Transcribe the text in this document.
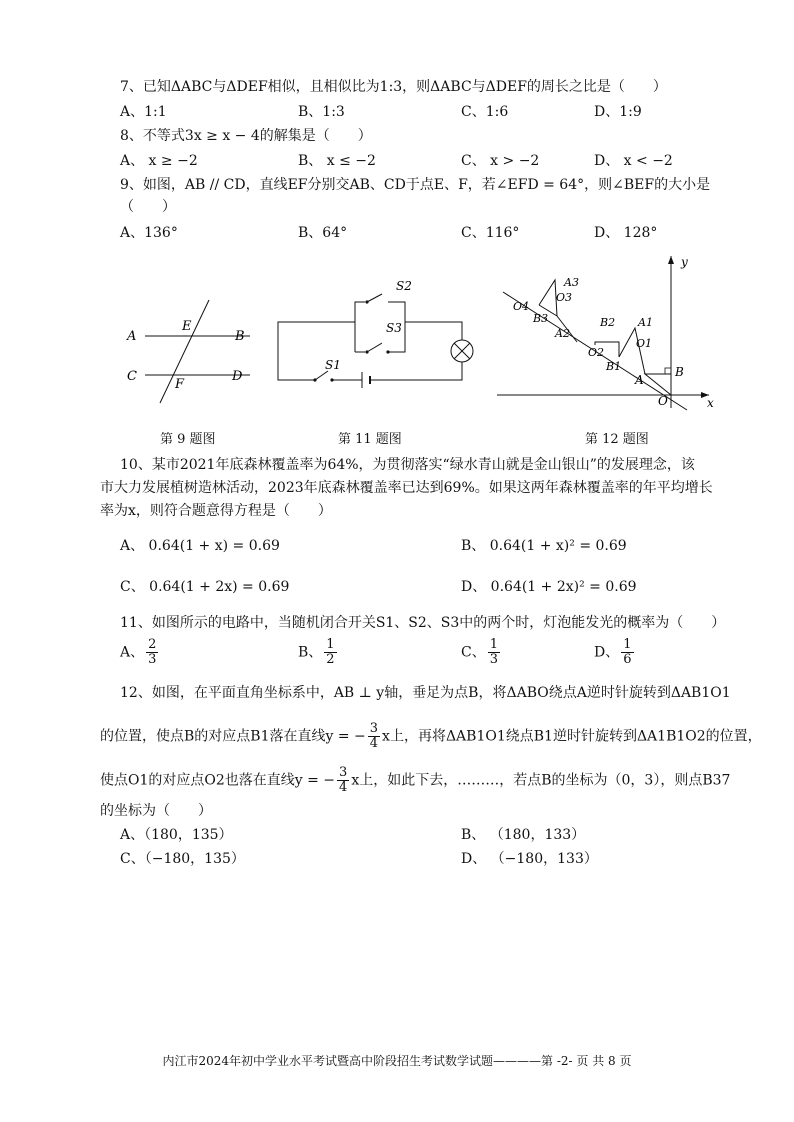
7、已知ΔABC与ΔDEF相似，且相似比为1:3，则ΔABC与ΔDEF的周长之比是（　　）
A、1:1	B、1:3	C、1:6	D、1:9
8、不等式3x ≥ x − 4的解集是（　　）
A、 x ≥ −2	B、 x ≤ −2	C、 x > −2	D、 x < −2
9、如图，AB // CD，直线EF分别交AB、CD于点E、F，若∠EFD = 64°，则∠BEF的大小是
（　　）
A、136°	B、64°	C、116°	D、 128°
A	B
C	D
E
F
第 9 题图
S2
S3
S1
第 11 题图
y
x
O
A
B
A1
O1
B1
O2
B2
A2
B3
O3
A3
O4
第 12 题图
10、某市2021年底森林覆盖率为64%，为贯彻落实“绿水青山就是金山银山”的发展理念，该
市大力发展植树造林活动，2023年底森林覆盖率已达到69%。如果这两年森林覆盖率的年平均增长
率为x，则符合题意得方程是（　　）
A、 0.64(1 + x) = 0.69	B、 0.64(1 + x)² = 0.69
C、 0.64(1 + 2x) = 0.69	D、 0.64(1 + 2x)² = 0.69
11、如图所示的电路中，当随机闭合开关S1、S2、S3中的两个时，灯泡能发光的概率为（　　）
A、 $\frac{2}{3}$	B、 $\frac{1}{2}$	C、 $\frac{1}{3}$	D、 $\frac{1}{6}$
12、如图，在平面直角坐标系中，AB ⊥ y轴，垂足为点B，将ΔABO绕点A逆时针旋转到ΔAB1O1
的位置，使点B的对应点B1落在直线y = − $\frac{3}{4}$ x上，再将ΔAB1O1绕点B1逆时针旋转到ΔA1B1O2的位置，
使点O1的对应点O2也落在直线y = − $\frac{3}{4}$ x上，如此下去，………，若点B的坐标为（0，3），则点B37
的坐标为（　　）
A、（180，135）	B、 （180，133）
C、（−180，135）	D、 （−180，133）
内江市2024年初中学业水平考试暨高中阶段招生考试数学试题————第 -2- 页 共 8 页
